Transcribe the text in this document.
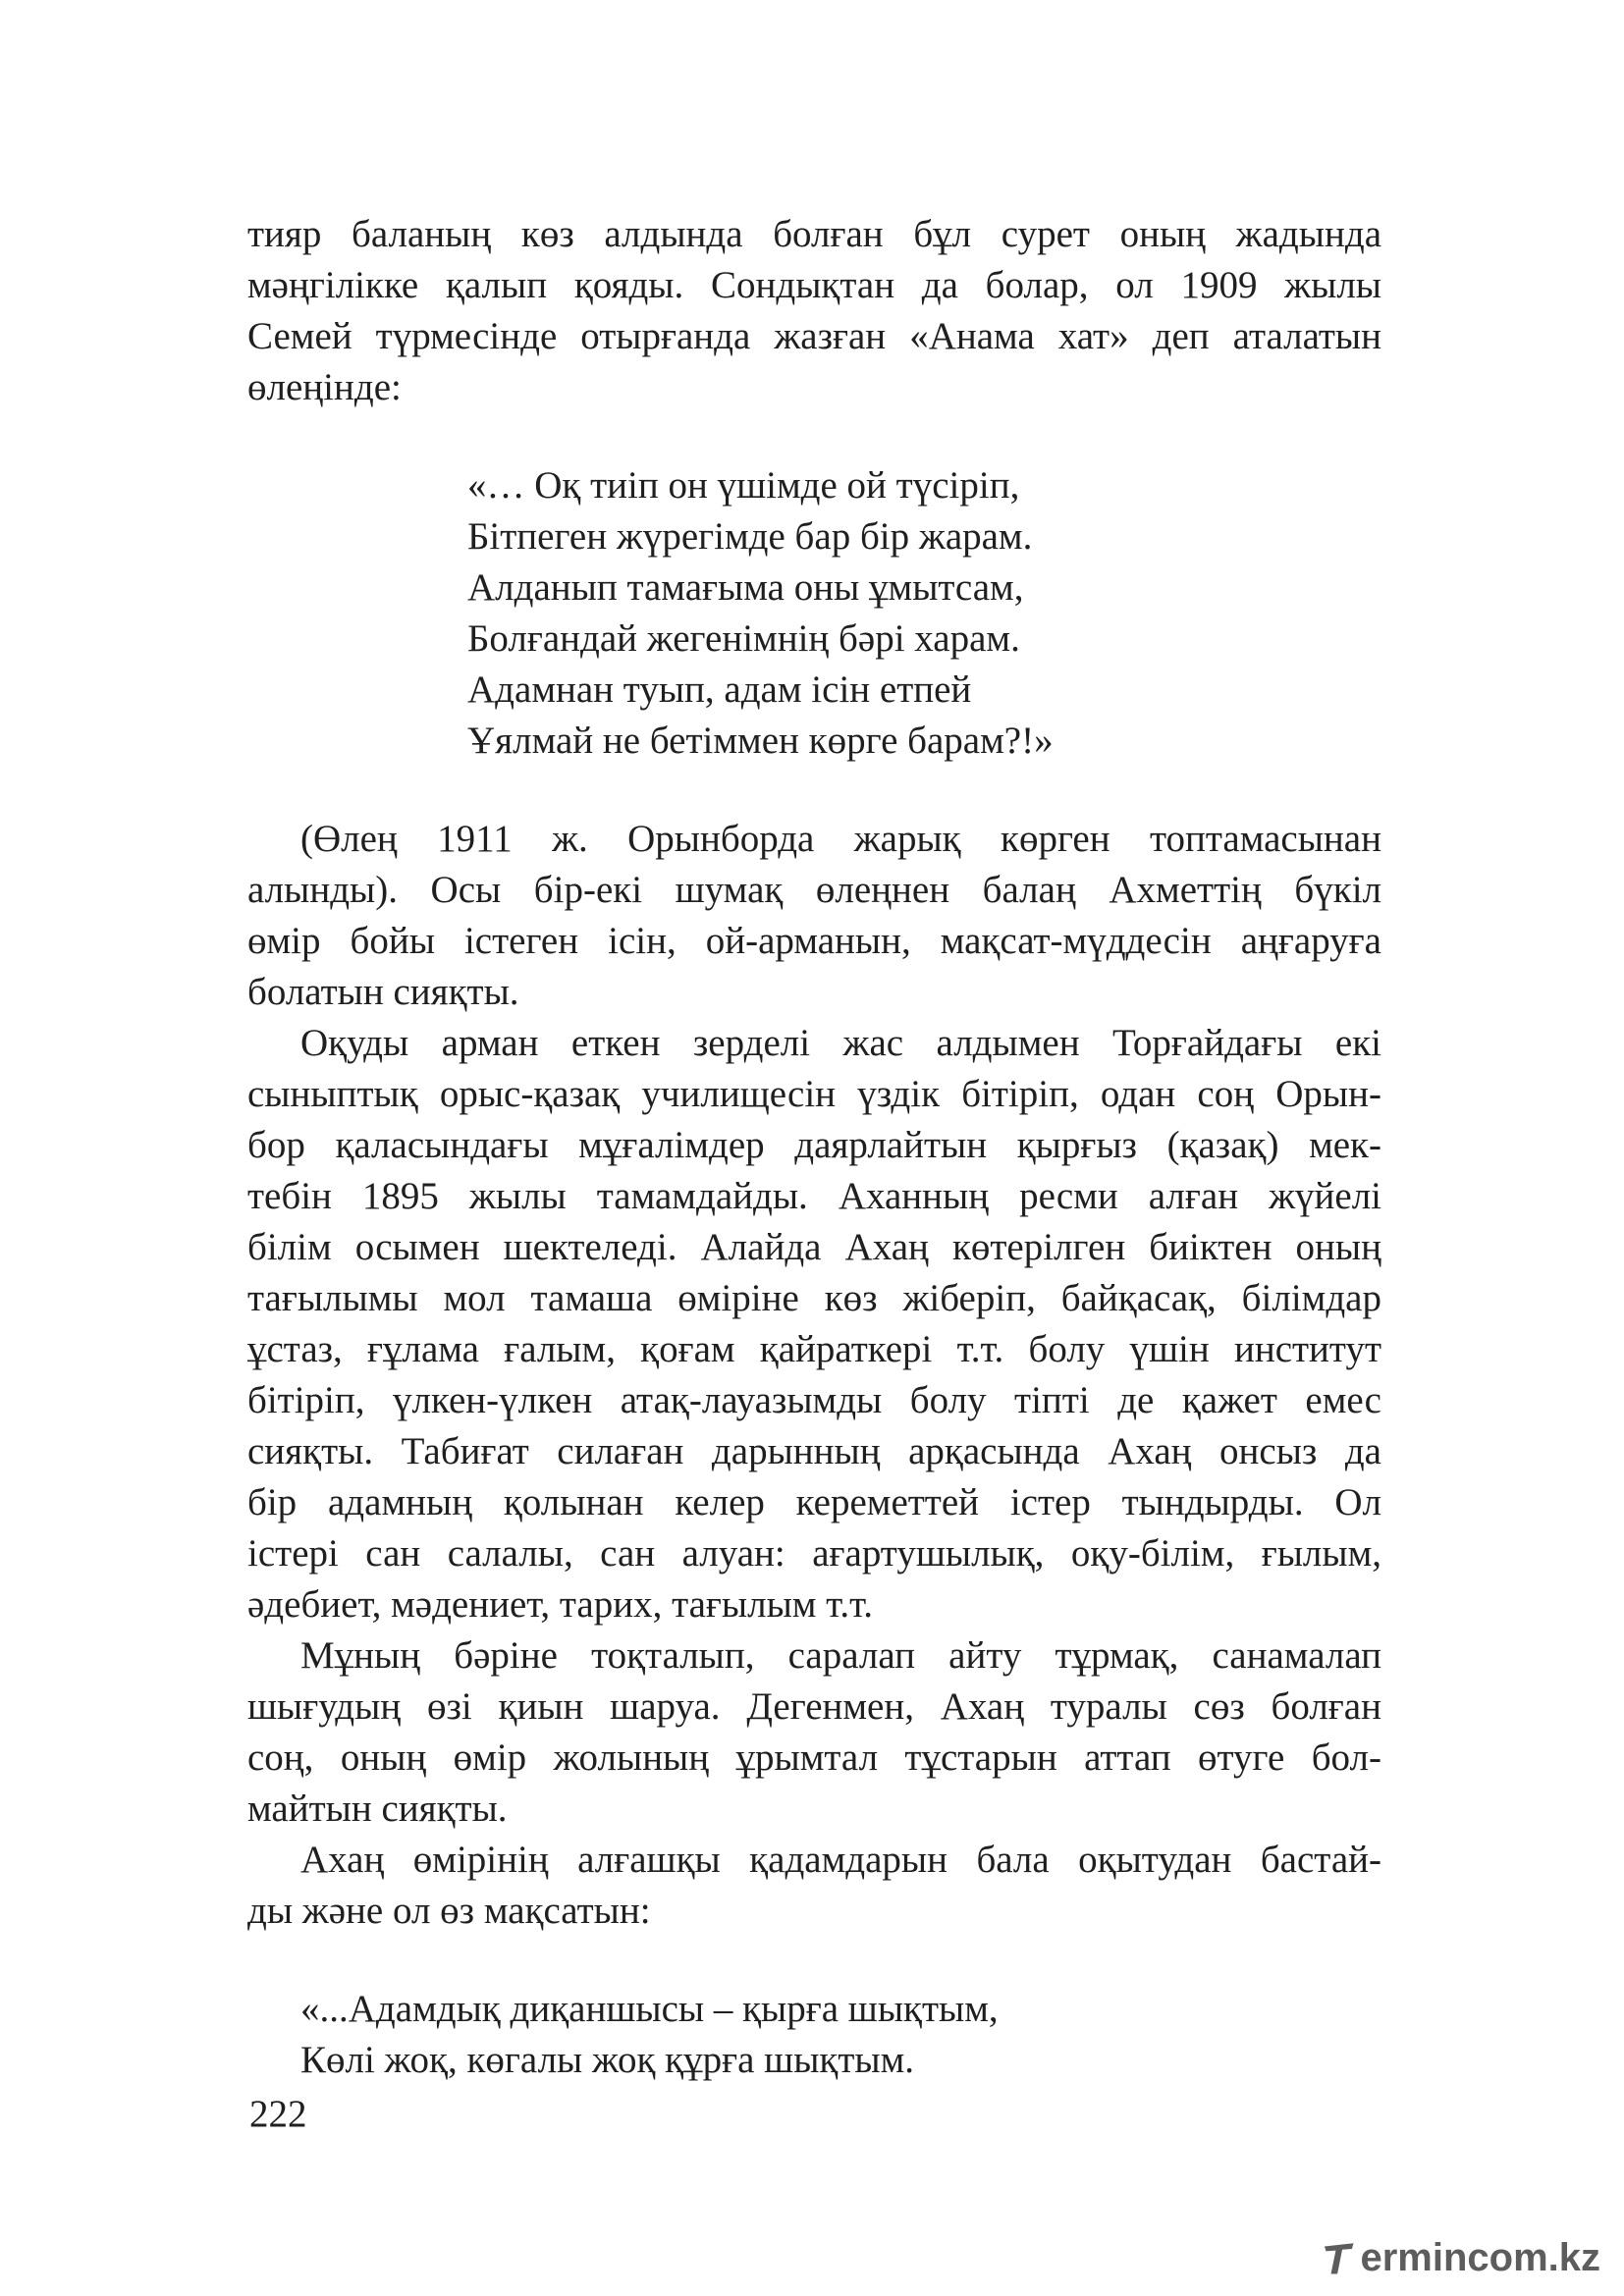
тияр баланың көз алдында болған бұл сурет оның жадында
мәңгілікке қалып қояды. Сондықтан да болар, ол 1909 жылы
Семей түрмесінде отырғанда жазған «Анама хат» деп аталатын
өлеңінде:
«… Оқ тиіп он үшімде ой түсіріп,
Бітпеген жүрегімде бар бір жарам.
Алданып тамағыма оны ұмытсам,
Болғандай жегенімнің бәрі харам.
Адамнан туып, адам ісін етпей
Ұялмай не бетіммен көрге барам?!»
(Өлең 1911 ж. Орынборда жарық көрген топтамасынан
алынды). Осы бір-екі шумақ өлеңнен балаң Ахметтің бүкіл
өмір бойы істеген ісін, ой-арманын, мақсат-мүддесін аңғаруға
болатын сияқты.
Оқуды арман еткен зерделі жас алдымен Торғайдағы екі
сыныптық орыс-қазақ училищесін үздік бітіріп, одан соң Орын-
бор қаласындағы мұғалімдер даярлайтын қырғыз (қазақ) мек-
тебін 1895 жылы тамамдайды. Аханның ресми алған жүйелі
білім осымен шектеледі. Алайда Ахаң көтерілген биіктен оның
тағылымы мол тамаша өміріне көз жіберіп, байқасақ, білімдар
ұстаз, ғұлама ғалым, қоғам қайраткері т.т. болу үшін институт
бітіріп, үлкен-үлкен атақ-лауазымды болу тіпті де қажет емес
сияқты. Табиғат силаған дарынның арқасында Ахаң онсыз да
бір адамның қолынан келер кереметтей істер тындырды. Ол
істері сан салалы, сан алуан: ағартушылық, оқу-білім, ғылым,
әдебиет, мәдениет, тарих, тағылым т.т.
Мұның бәріне тоқталып, саралап айту тұрмақ, санамалап
шығудың өзі қиын шаруа. Дегенмен, Ахаң туралы сөз болған
соң, оның өмір жолының ұрымтал тұстарын аттап өтуге бол-
майтын сияқты.
Ахаң өмірінің алғашқы қадамдарын бала оқытудан бастай-
ды және ол өз мақсатын:
«...Адамдық диқаншысы – қырға шықтым,
Көлі жоқ, көгалы жоқ құрға шықтым.
222
ermincom.kz
